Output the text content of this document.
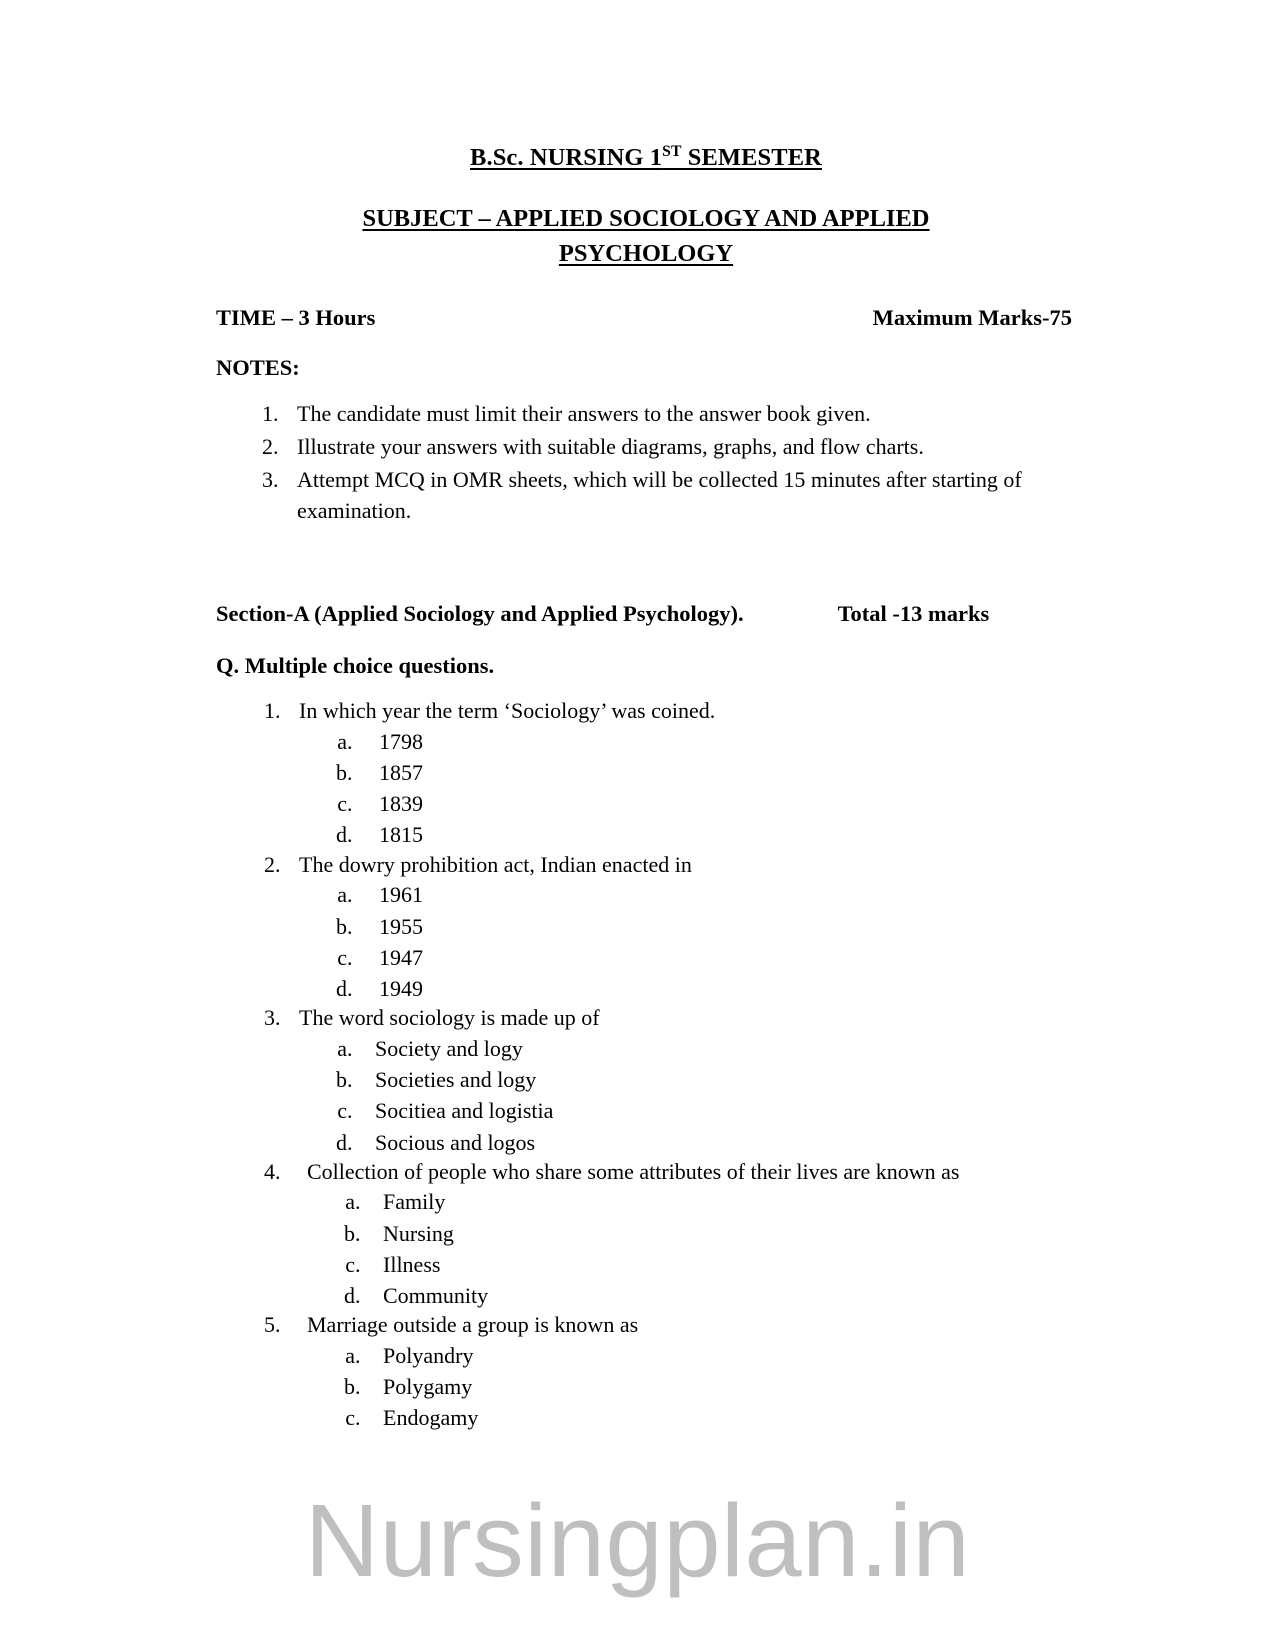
B.Sc. NURSING 1ST SEMESTER
SUBJECT – APPLIED SOCIOLOGY AND APPLIED
PSYCHOLOGY
TIME – 3 Hours	Maximum Marks-75
NOTES:
1. The candidate must limit their answers to the answer book given.
2. Illustrate your answers with suitable diagrams, graphs, and flow charts.
3. Attempt MCQ in OMR sheets, which will be collected 15 minutes after starting of examination.
Section-A (Applied Sociology and Applied Psychology).	Total -13 marks
Q. Multiple choice questions.
1. In which year the term ‘Sociology’ was coined.
a. 1798
b. 1857
c. 1839
d. 1815
2. The dowry prohibition act, Indian enacted in
a. 1961
b. 1955
c. 1947
d. 1949
3. The word sociology is made up of
a. Society and logy
b. Societies and logy
c. Socitiea and logistia
d. Socious and logos
4. Collection of people who share some attributes of their lives are known as
a. Family
b. Nursing
c. Illness
d. Community
5. Marriage outside a group is known as
a. Polyandry
b. Polygamy
c. Endogamy
Nursingplan.in
